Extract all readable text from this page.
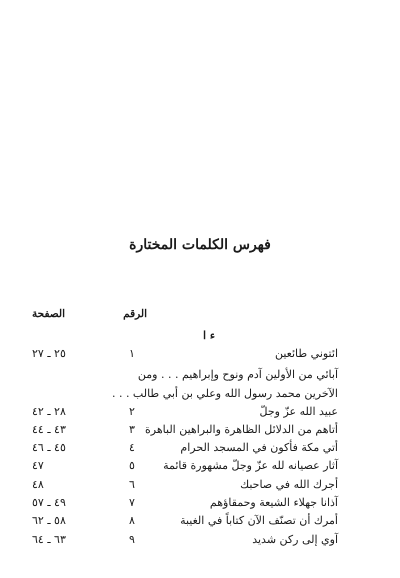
فهرس الكلمات المختارة
الرقم
الصفحة
ء ا
ائتوني طائعين
١
٢٥ ـ ٢٧
آبائي من الأولين آدم ونوح وإبراهيم . . . ومن
الآخرين محمد رسول الله وعلي بن أبي طالب . . .
عبيد الله عزّ وجلّ
٢
٢٨ ـ ٤٢
أتاهم من الدلائل الظاهرة والبراهين الباهرة
٣
٤٣ ـ ٤٤
أتي مكة فأكون في المسجد الحرام
٤
٤٥ ـ ٤٦
آثار عصيانه لله عزّ وجلّ مشهورة قائمة
٥
٤٧
أجرك الله في صاحبك
٦
٤٨
آذانا جهلاء الشيعة وحمقاؤهم
٧
٤٩ ـ ٥٧
أمرك أن تصنّف الآن كتاباً في الغيبة
٨
٥٨ ـ ٦٢
آوي إلى ركن شديد
٩
٦٣ ـ ٦٤
